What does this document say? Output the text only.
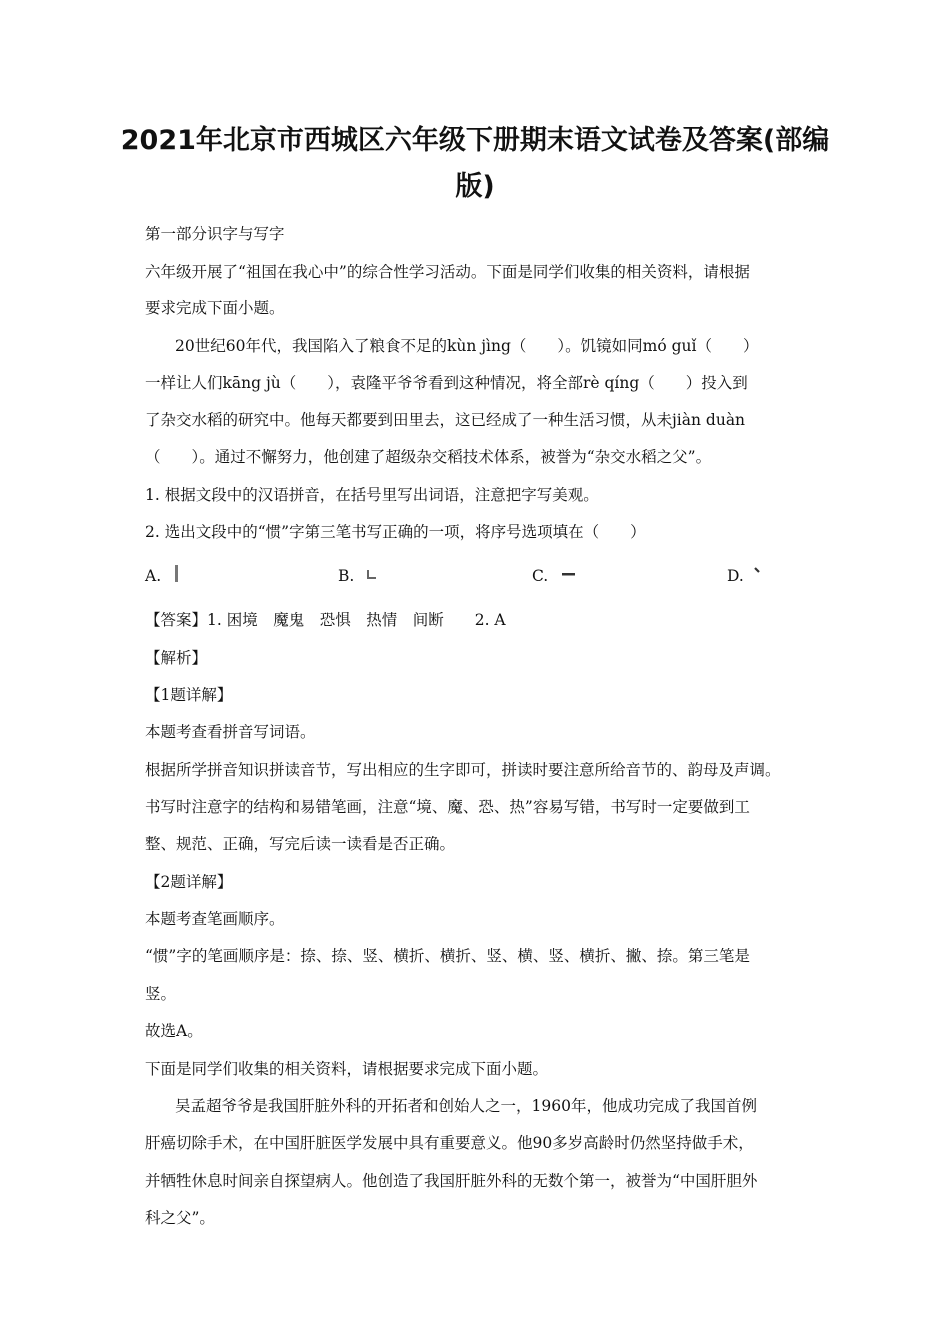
2021年北京市西城区六年级下册期末语文试卷及答案(部编
版)
第一部分识字与写字
六年级开展了“祖国在我心中”的综合性学习活动。下面是同学们收集的相关资料，请根据
要求完成下面小题。
20世纪60年代，我国陷入了粮食不足的kùn jìng（　　）。饥镜如同mó guǐ（　　）
一样让人们kāng jù（　　），袁隆平爷爷看到这种情况，将全部rè qíng（　　）投入到
了杂交水稻的研究中。他每天都要到田里去，这已经成了一种生活习惯，从未jiàn duàn
（　　）。通过不懈努力，他创建了超级杂交稻技术体系，被誉为“杂交水稻之父”。
1. 根据文段中的汉语拼音，在括号里写出词语，注意把字写美观。
2. 选出文段中的“惯”字第三笔书写正确的一项，将序号选项填在（　　）
A.	B.	C.	D.
【答案】1. 困境　魔鬼　恐惧　热情　间断　　2. A
【解析】
【1题详解】
本题考查看拼音写词语。
根据所学拼音知识拼读音节，写出相应的生字即可，拼读时要注意所给音节的、韵母及声调。
书写时注意字的结构和易错笔画，注意“境、魔、恐、热”容易写错，书写时一定要做到工
整、规范、正确，写完后读一读看是否正确。
【2题详解】
本题考查笔画顺序。
“惯”字的笔画顺序是：捺、捺、竖、横折、横折、竖、横、竖、横折、撇、捺。第三笔是
竖。
故选A。
下面是同学们收集的相关资料，请根据要求完成下面小题。
吴孟超爷爷是我国肝脏外科的开拓者和创始人之一，1960年，他成功完成了我国首例
肝癌切除手术，在中国肝脏医学发展中具有重要意义。他90多岁高龄时仍然坚持做手术，
并牺牲休息时间亲自探望病人。他创造了我国肝脏外科的无数个第一，被誉为“中国肝胆外
科之父”。
